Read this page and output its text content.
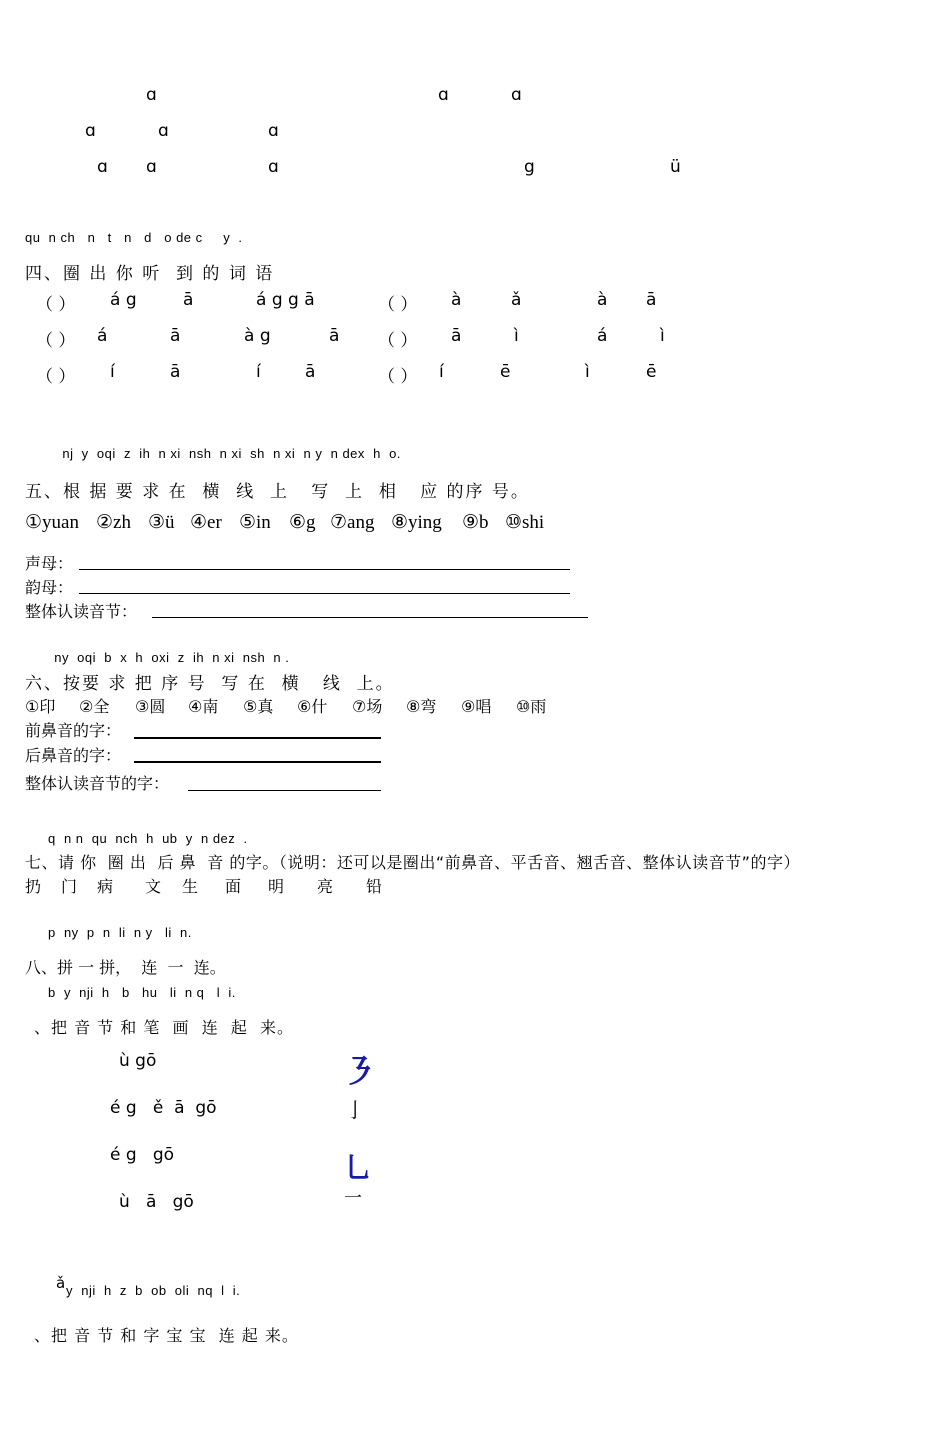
ɑ	ɑ	ɑ
ɑ	ɑ	ɑ
ɑ ɑ	ɑ	g	ü
qu  n ch   n   t   n   d   o de c     y  .
四、圈 出 你 听  到 的 词 语
（ ） á g	ā	á g g ā	（ ） à	ǎ	à ā
（ ） á	ā	à g	ā （ ） ā	ì	á	ì
（ ） í	ā	í	ā	（ ） í	ē	ì	ē
nj  y  oqi  z  ih  n xi  nsh  n xi  sh  n xi  n y  n dex  h  o.
五、根 据 要 求 在  横  线  上   写  上  相   应 的序 号。
①yuan ②zh ③ü ④er ⑤in ⑥g ⑦ang ⑧ying ⑨b ⑩shi
声母：
韵母：
整体认读音节：
ny  oqi  b  x  h  oxi  z  ih  n xi  nsh  n .
六、按要 求 把 序 号  写 在  横   线  上。
①印 ②全 ③圆 ④南 ⑤真 ⑥什 ⑦场 ⑧弯 ⑨唱 ⑩雨
前鼻音的字：
后鼻音的字：
整体认读音节的字：
q  n n  qu  nch  h  ub  y  n dez  .
七、请 你  圈 出  后 鼻  音 的字。（说明：还可以是圈出“前鼻音、平舌音、翘舌音、整体认读音节”的字）
扔 门 病 文 生 面 明 亮 铅
p  ny  p  n  li  n y   li  n.
八、拼 一 拼，  连  一  连。
b  y  nji  h   b   hu   li  n q   l  i.
、把 音 节 和 笔  画  连  起  来。
ù gō
é g   ě  ā  gō
é g   gō
ù   ā   gō
㇋
亅
乚
一
ǎ y  nji  h  z  b  ob  oli  nq  l  i.
、把 音 节 和 字 宝 宝  连 起 来。
